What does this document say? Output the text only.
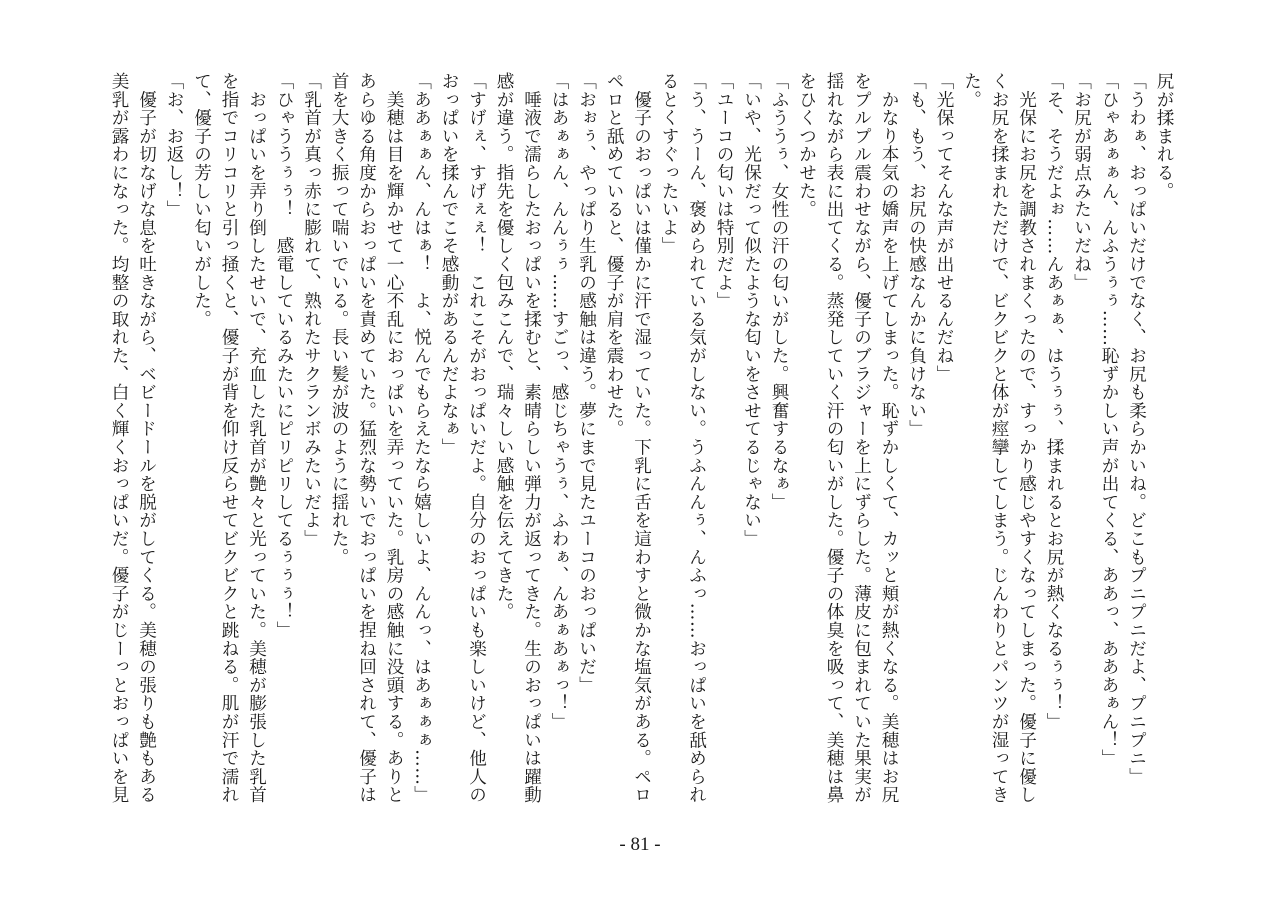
尻が揉まれる。
「うわぁ、おっぱいだけでなく、お尻も柔らかいね。どこもプニプニだよ、プニプニ」
「ひゃあぁぁん、んふうぅぅ……恥ずかしい声が出てくる、ああっ、あああぁん！」
「お尻が弱点みたいだね」
「そ、そうだよぉ……んあぁぁ、はうぅぅ、揉まれるとお尻が熱くなるぅぅ！」
　光保にお尻を調教されまくったので、すっかり感じやすくなってしまった。優子に優し
くお尻を揉まれただけで、ビクビクと体が痙攣してしまう。じんわりとパンツが湿ってき
た。
「光保ってそんな声が出せるんだね」
「も、もう、お尻の快感なんかに負けない」
　かなり本気の嬌声を上げてしまった。恥ずかしくて、カッと頬が熱くなる。美穂はお尻
をプルプル震わせながら、優子のブラジャーを上にずらした。薄皮に包まれていた果実が
揺れながら表に出てくる。蒸発していく汗の匂いがした。優子の体臭を吸って、美穂は鼻
をひくつかせた。
「ふううぅ、女性の汗の匂いがした。興奮するなぁ」
「いや、光保だって似たような匂いをさせてるじゃない」
「ユーコの匂いは特別だよ」
「う、うーん、褒められている気がしない。うふんんぅ、んふっ……おっぱいを舐められ
るとくすぐったいよ」
　優子のおっぱいは僅かに汗で湿っていた。下乳に舌を這わすと微かな塩気がある。ペロ
ペロと舐めていると、優子が肩を震わせた。
「おぉぅ、やっぱり生乳の感触は違う。夢にまで見たユーコのおっぱいだ」
「はあぁぁん、んんぅぅ……すごっ、感じちゃうぅ、ふわぁ、んあぁあぁっ！」
　唾液で濡らしたおっぱいを揉むと、素晴らしい弾力が返ってきた。生のおっぱいは躍動
感が違う。指先を優しく包みこんで、瑞々しい感触を伝えてきた。
「すげぇ、すげぇぇ！　これこそがおっぱいだよ。自分のおっぱいも楽しいけど、他人の
おっぱいを揉んでこそ感動があるんだよなぁ」
「ああぁぁん、んはぁ！　よ、悦んでもらえたなら嬉しいよ、んんっ、はあぁぁぁ……」
　美穂は目を輝かせて一心不乱におっぱいを弄っていた。乳房の感触に没頭する。ありと
あらゆる角度からおっぱいを責めていた。猛烈な勢いでおっぱいを捏ね回されて、優子は
首を大きく振って喘いでいる。長い髪が波のように揺れた。
「乳首が真っ赤に膨れて、熟れたサクランボみたいだよ」
「ひゃううぅぅ！　感電しているみたいにピリピリしてるぅぅぅ！」
　おっぱいを弄り倒したせいで、充血した乳首が艶々と光っていた。美穂が膨張した乳首
を指でコリコリと引っ掻くと、優子が背を仰け反らせてビクビクと跳ねる。肌が汗で濡れ
て、優子の芳しい匂いがした。
「お、お返し！」
　優子が切なげな息を吐きながら、ベビードールを脱がしてくる。美穂の張りも艶もある
美乳が露わになった。均整の取れた、白く輝くおっぱいだ。優子がじーっとおっぱいを見
- 81 -
